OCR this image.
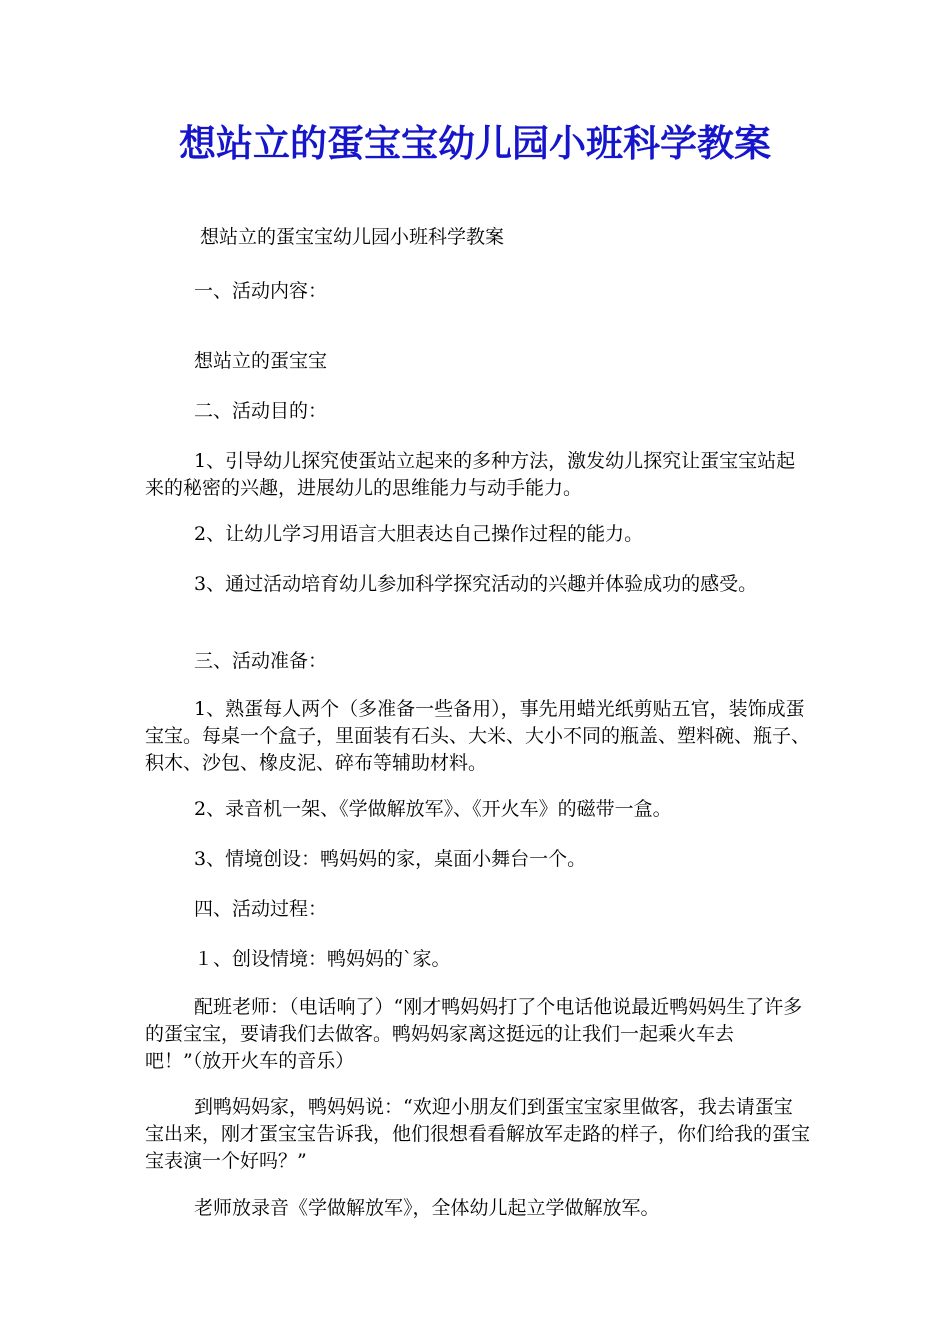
想站立的蛋宝宝幼儿园小班科学教案

想站立的蛋宝宝幼儿园小班科学教案

一、活动内容：

想站立的蛋宝宝

二、活动目的：

1、引导幼儿探究使蛋站立起来的多种方法，激发幼儿探究让蛋宝宝站起来的秘密的兴趣，进展幼儿的思维能力与动手能力。

2、让幼儿学习用语言大胆表达自己操作过程的能力。

3、通过活动培育幼儿参加科学探究活动的兴趣并体验成功的感受。

三、活动准备：

1、熟蛋每人两个（多准备一些备用），事先用蜡光纸剪贴五官，装饰成蛋宝宝。每桌一个盒子，里面装有石头、大米、大小不同的瓶盖、塑料碗、瓶子、积木、沙包、橡皮泥、碎布等辅助材料。

2、录音机一架、《学做解放军》、《开火车》的磁带一盒。

3、情境创设：鸭妈妈的家，桌面小舞台一个。

四、活动过程：

１、创设情境：鸭妈妈的`家。

配班老师：（电话响了）“刚才鸭妈妈打了个电话他说最近鸭妈妈生了许多的蛋宝宝，要请我们去做客。鸭妈妈家离这挺远的让我们一起乘火车去吧！”（放开火车的音乐）

到鸭妈妈家，鸭妈妈说：“欢迎小朋友们到蛋宝宝家里做客，我去请蛋宝宝出来，刚才蛋宝宝告诉我，他们很想看看解放军走路的样子，你们给我的蛋宝宝表演一个好吗？”

老师放录音《学做解放军》，全体幼儿起立学做解放军。
